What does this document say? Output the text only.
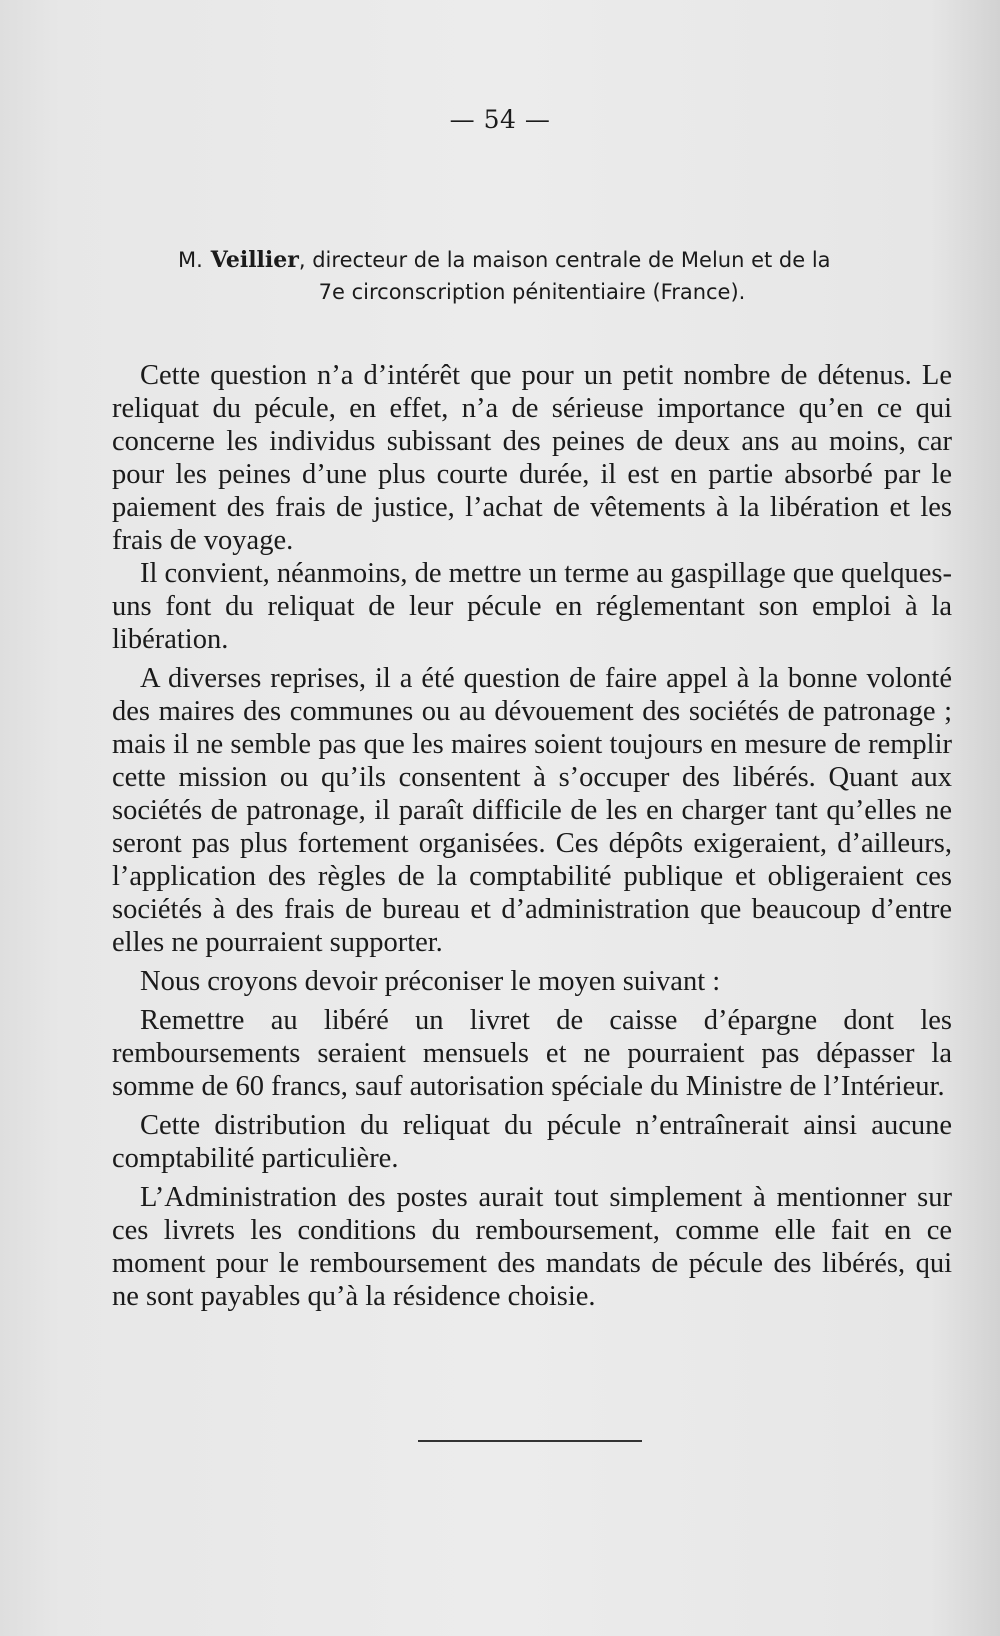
— 54 —
M. Veillier, directeur de la maison centrale de Melun et de la
7e circonscription pénitentiaire (France).

Cette question n’a d’intérêt que pour un petit nombre de détenus. Le reliquat du pécule, en effet, n’a de sérieuse importance qu’en ce qui concerne les individus subissant des peines de deux ans au moins, car pour les peines d’une plus courte durée, il est en partie absorbé par le paiement des frais de justice, l’achat de vêtements à la libération et les frais de voyage.

Il convient, néanmoins, de mettre un terme au gaspillage que quelques-uns font du reliquat de leur pécule en réglementant son emploi à la libération.

A diverses reprises, il a été question de faire appel à la bonne volonté des maires des communes ou au dévouement des sociétés de patronage ; mais il ne semble pas que les maires soient toujours en mesure de remplir cette mission ou qu’ils consentent à s’occuper des libérés. Quant aux sociétés de patronage, il paraît difficile de les en charger tant qu’elles ne seront pas plus fortement organisées. Ces dépôts exigeraient, d’ailleurs, l’application des règles de la comptabilité publique et obligeraient ces sociétés à des frais de bureau et d’administration que beaucoup d’entre elles ne pourraient supporter.

Nous croyons devoir préconiser le moyen suivant :

Remettre au libéré un livret de caisse d’épargne dont les remboursements seraient mensuels et ne pourraient pas dépasser la somme de 60 francs, sauf autorisation spéciale du Ministre de l’Intérieur.

Cette distribution du reliquat du pécule n’entraînerait ainsi aucune comptabilité particulière.

L’Administration des postes aurait tout simplement à mentionner sur ces livrets les conditions du remboursement, comme elle fait en ce moment pour le remboursement des mandats de pécule des libérés, qui ne sont payables qu’à la résidence choisie.
